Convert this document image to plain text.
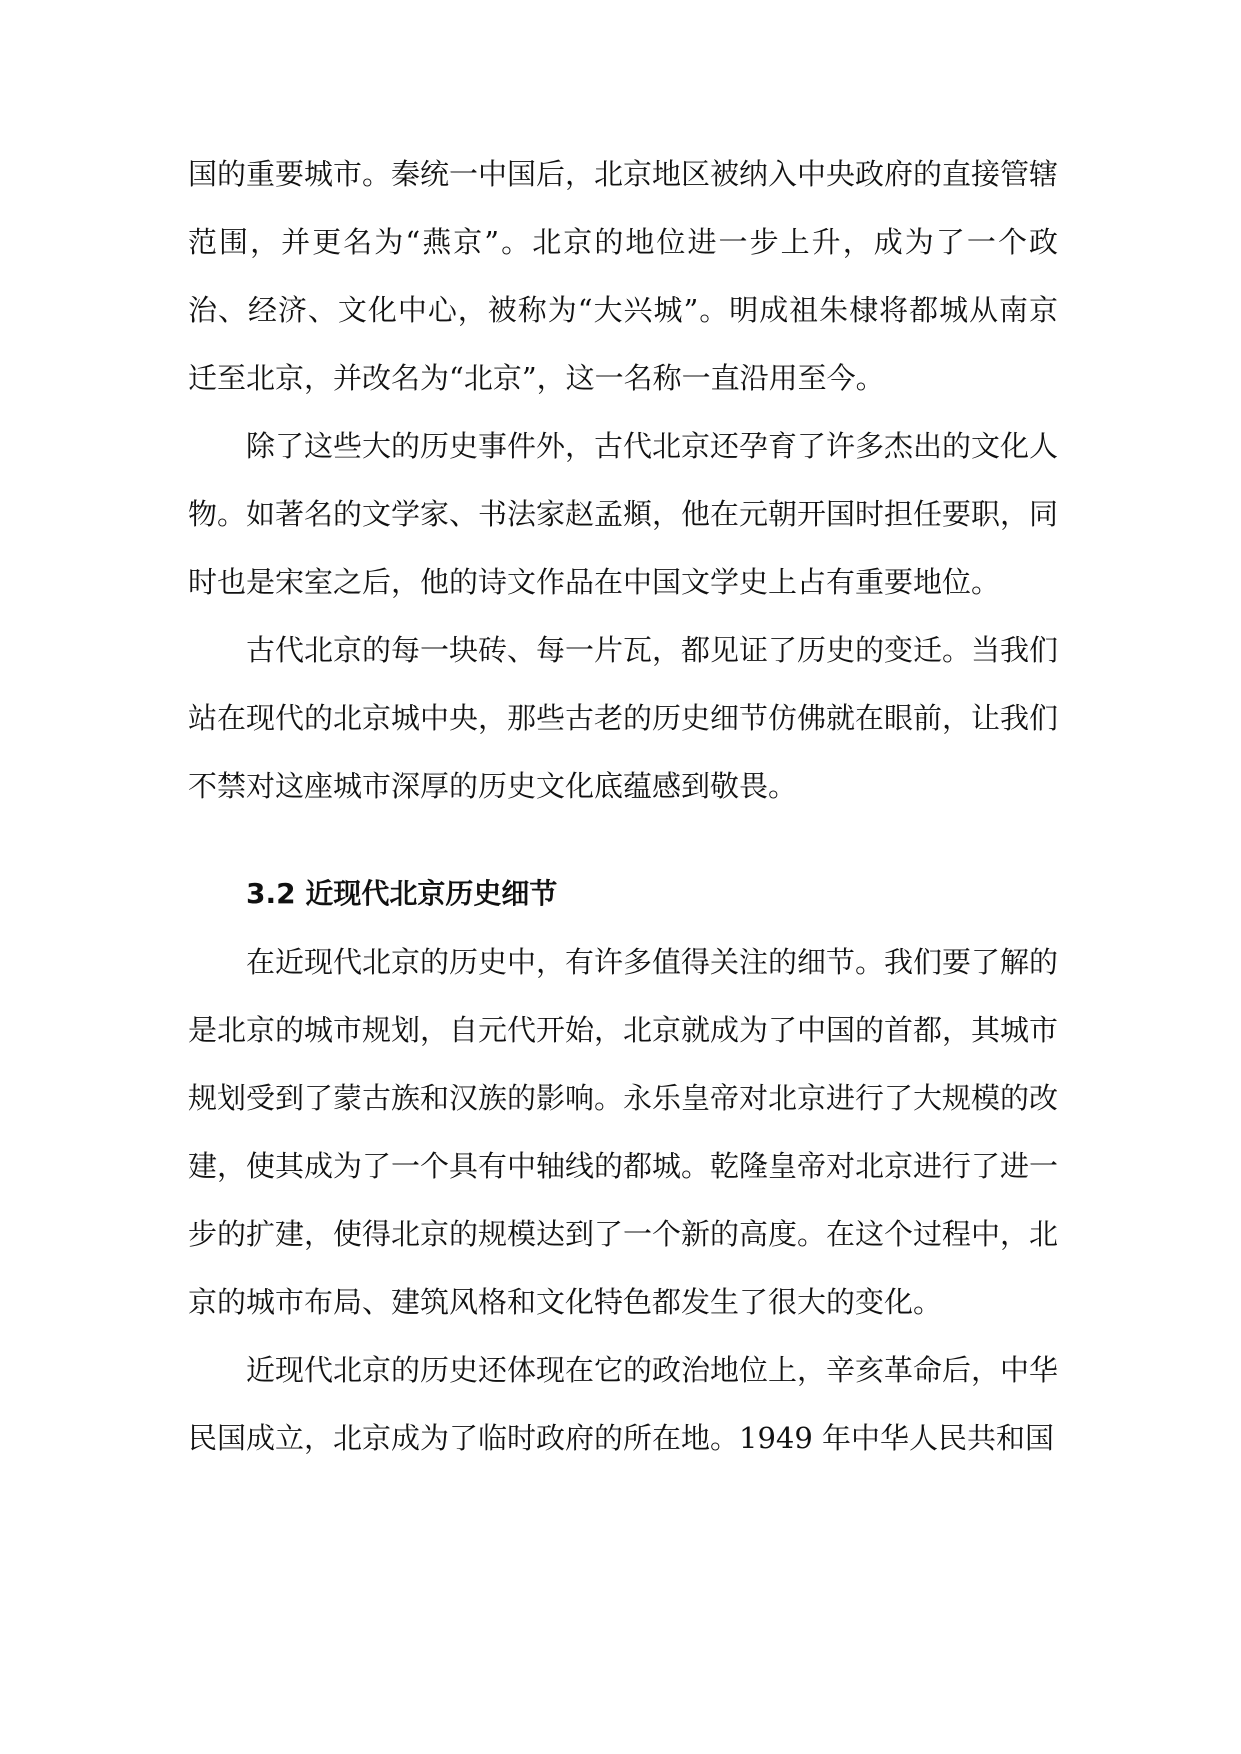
国的重要城市。秦统一中国后，北京地区被纳入中央政府的直接管辖范围，并更名为“燕京”。北京的地位进一步上升，成为了一个政治、经济、文化中心，被称为“大兴城”。明成祖朱棣将都城从南京迁至北京，并改名为“北京”，这一名称一直沿用至今。

除了这些大的历史事件外，古代北京还孕育了许多杰出的文化人物。如著名的文学家、书法家赵孟頫，他在元朝开国时担任要职，同时也是宋室之后，他的诗文作品在中国文学史上占有重要地位。

古代北京的每一块砖、每一片瓦，都见证了历史的变迁。当我们站在现代的北京城中央，那些古老的历史细节仿佛就在眼前，让我们不禁对这座城市深厚的历史文化底蕴感到敬畏。

3.2 近现代北京历史细节

在近现代北京的历史中，有许多值得关注的细节。我们要了解的是北京的城市规划，自元代开始，北京就成为了中国的首都，其城市规划受到了蒙古族和汉族的影响。永乐皇帝对北京进行了大规模的改建，使其成为了一个具有中轴线的都城。乾隆皇帝对北京进行了进一步的扩建，使得北京的规模达到了一个新的高度。在这个过程中，北京的城市布局、建筑风格和文化特色都发生了很大的变化。

近现代北京的历史还体现在它的政治地位上，辛亥革命后，中华民国成立，北京成为了临时政府的所在地。1949 年中华人民共和国
